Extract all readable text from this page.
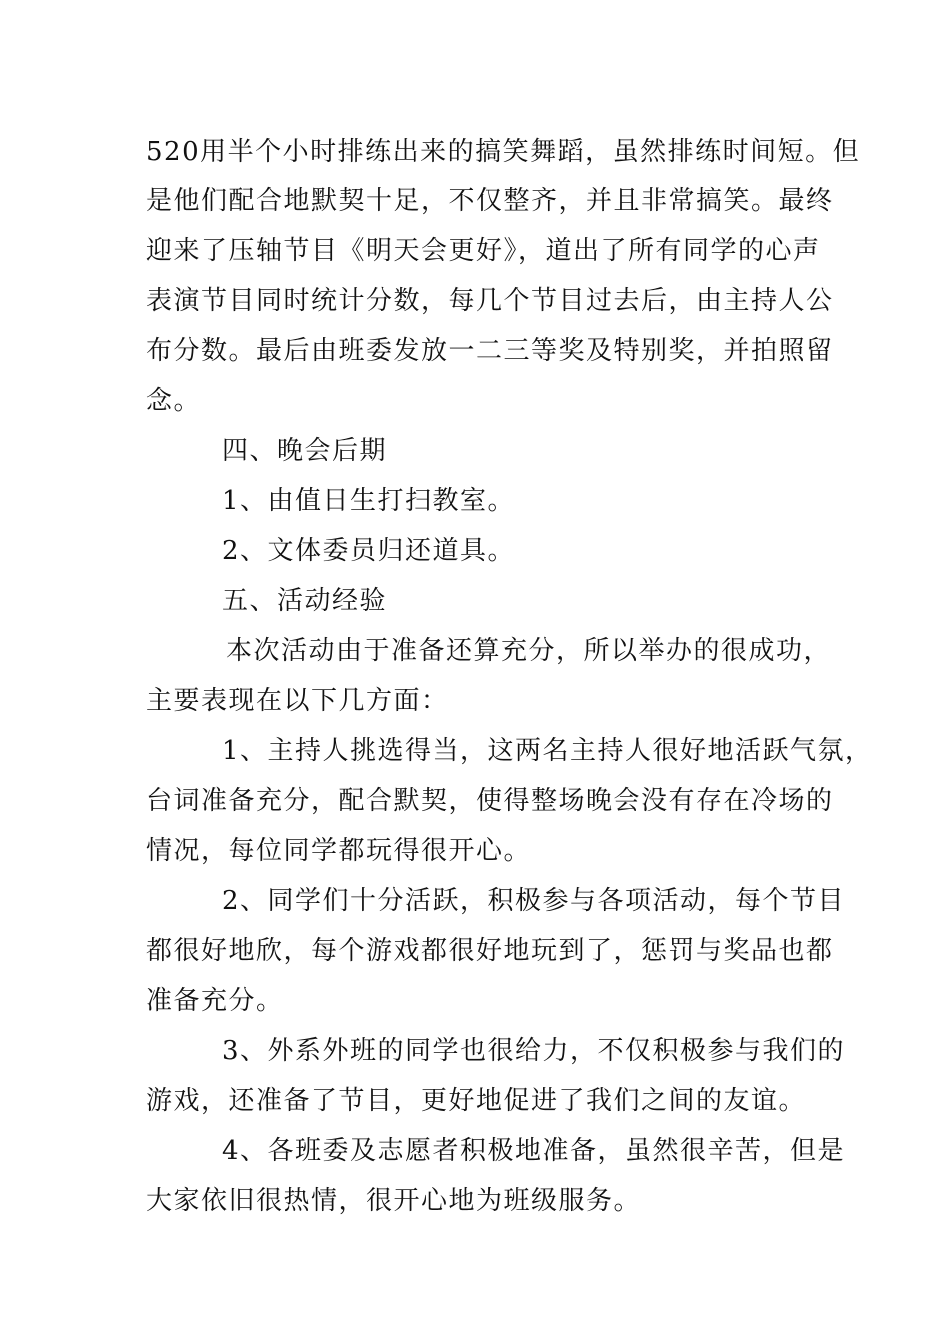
520用半个小时排练出来的搞笑舞蹈，虽然排练时间短。但
是他们配合地默契十足，不仅整齐，并且非常搞笑。最终
迎来了压轴节目《明天会更好》，道出了所有同学的心声
表演节目同时统计分数，每几个节目过去后，由主持人公
布分数。最后由班委发放一二三等奖及特别奖，并拍照留
念。
四、晚会后期
1、由值日生打扫教室。
2、文体委员归还道具。
五、活动经验
本次活动由于准备还算充分，所以举办的很成功，
主要表现在以下几方面：
1、主持人挑选得当，这两名主持人很好地活跃气氛，
台词准备充分，配合默契，使得整场晚会没有存在冷场的
情况，每位同学都玩得很开心。
2、同学们十分活跃，积极参与各项活动，每个节目
都很好地欣，每个游戏都很好地玩到了，惩罚与奖品也都
准备充分。
3、外系外班的同学也很给力，不仅积极参与我们的
游戏，还准备了节目，更好地促进了我们之间的友谊。
4、各班委及志愿者积极地准备，虽然很辛苦，但是
大家依旧很热情，很开心地为班级服务。
